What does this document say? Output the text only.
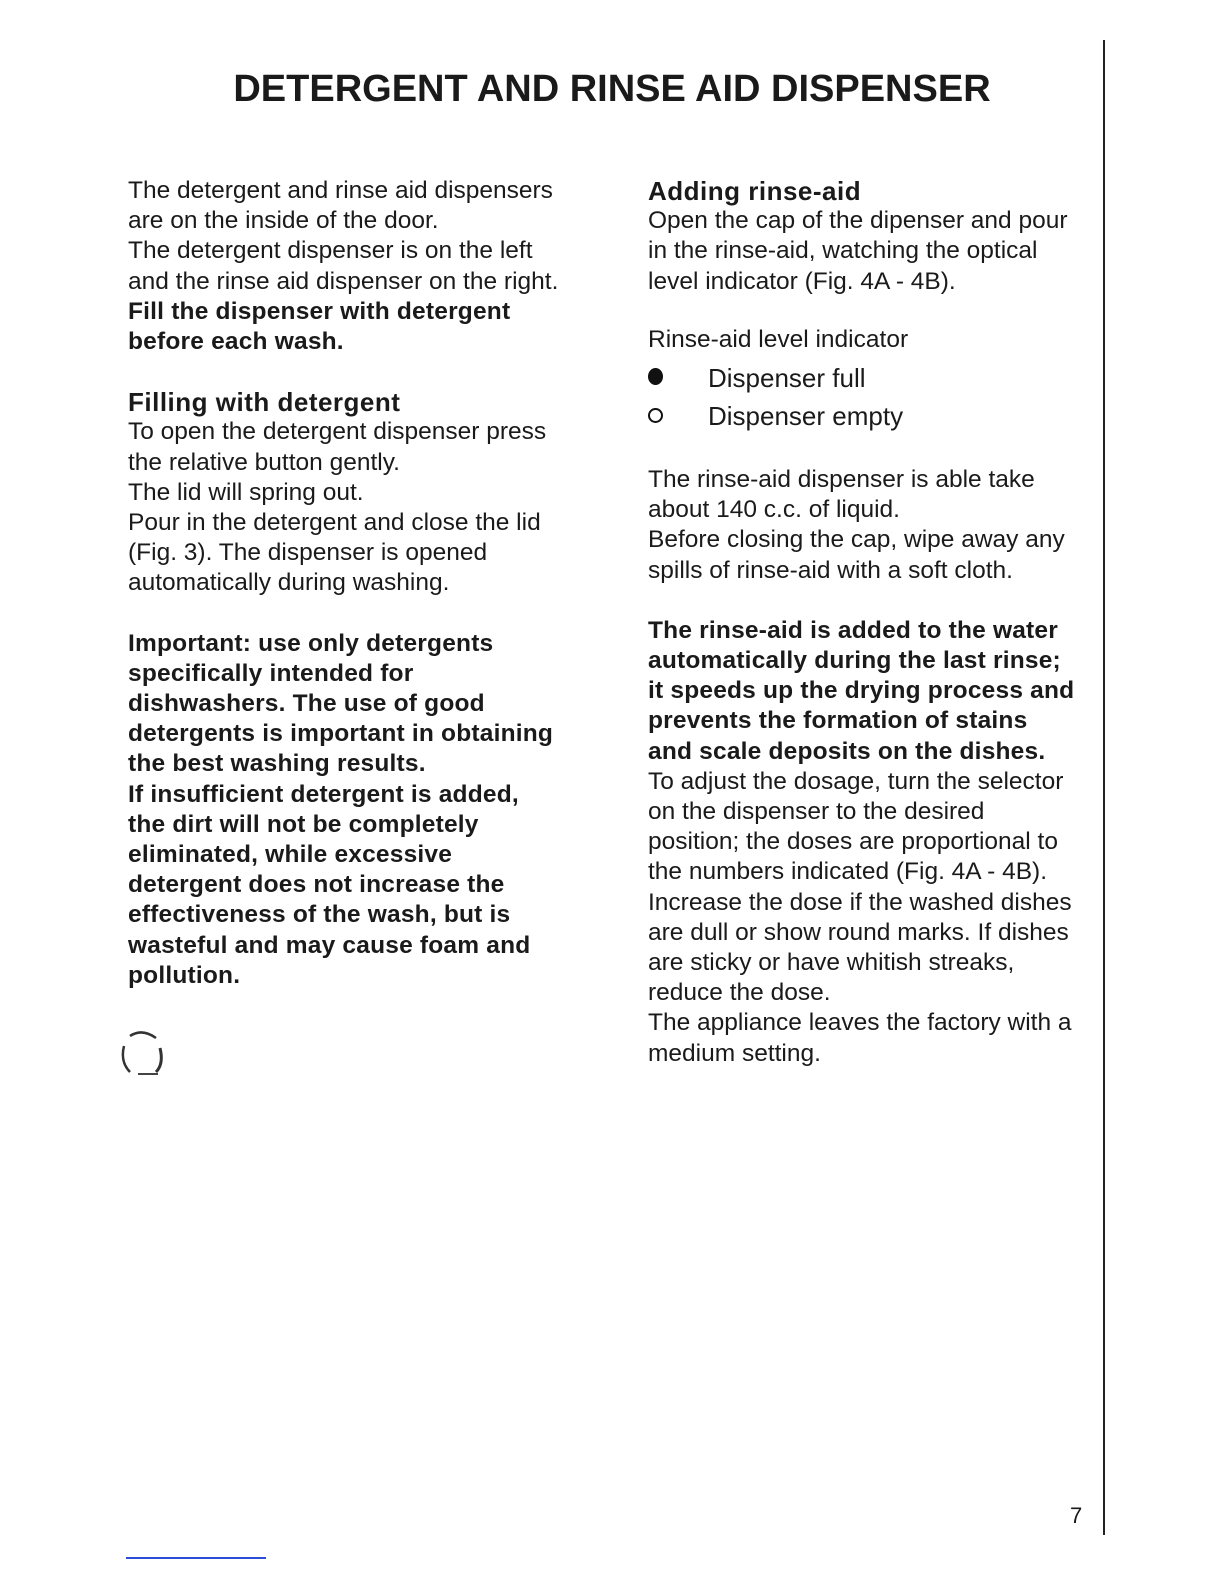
DETERGENT AND RINSE AID DISPENSER

The detergent and rinse aid dispensers
are on the inside of the door.
The detergent dispenser is on the left
and the rinse aid dispenser on the right.

Fill the dispenser with detergent
before each wash.

Filling with detergent

To open the detergent dispenser press
the relative button gently.
The lid will spring out.
Pour in the detergent and close the lid
(Fig. 3). The dispenser is opened
automatically during washing.

Important: use only detergents
specifically intended for
dishwashers. The use of good
detergents is important in obtaining
the best washing results.
If insufficient detergent is added,
the dirt will not be completely
eliminated, while excessive
detergent does not increase the
effectiveness of the wash, but is
wasteful and may cause foam and
pollution.

Adding rinse-aid

Open the cap of the dipenser and pour
in the rinse-aid, watching the optical
level indicator (Fig. 4A - 4B).

Rinse-aid level indicator

Dispenser full
Dispenser empty

The rinse-aid dispenser is able take
about 140 c.c. of liquid.
Before closing the cap, wipe away any
spills of rinse-aid with a soft cloth.

The rinse-aid is added to the water
automatically during the last rinse;
it speeds up the drying process and
prevents the formation of stains
and scale deposits on the dishes.

To adjust the dosage, turn the selector
on the dispenser to the desired
position; the doses are proportional to
the numbers indicated (Fig. 4A - 4B).
Increase the dose if the washed dishes
are dull or show round marks. If dishes
are sticky or have whitish streaks,
reduce the dose.
The appliance leaves the factory with a
medium setting.

7
